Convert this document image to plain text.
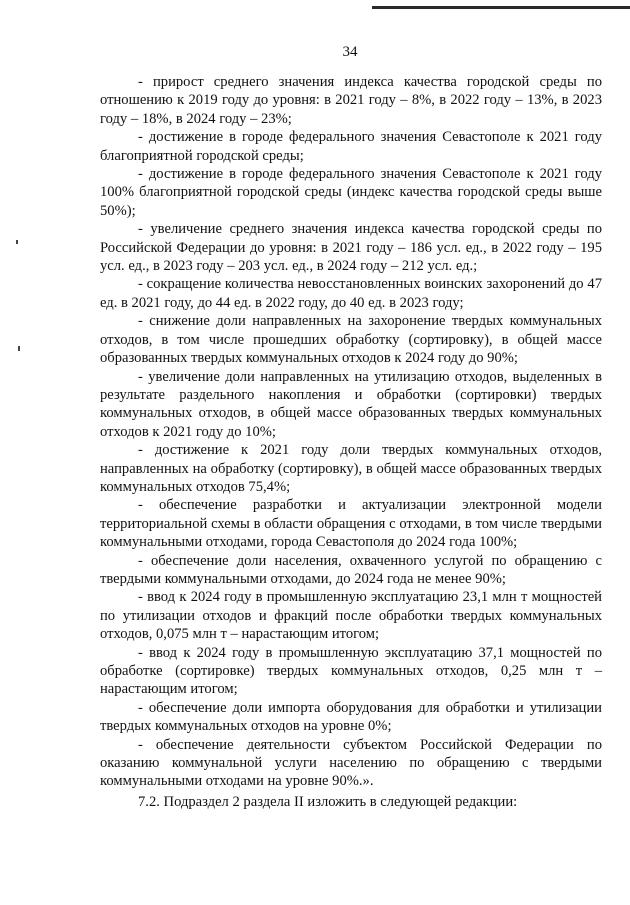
34

- прирост среднего значения индекса качества городской среды по отношению к 2019 году до уровня: в 2021 году – 8%, в 2022 году – 13%, в 2023 году – 18%, в 2024 году – 23%;

- достижение в городе федерального значения Севастополе к 2021 году благоприятной городской среды;

- достижение в городе федерального значения Севастополе к 2021 году 100% благоприятной городской среды (индекс качества городской среды выше 50%);

- увеличение среднего значения индекса качества городской среды по Российской Федерации до уровня: в 2021 году – 186 усл. ед., в 2022 году – 195 усл. ед., в 2023 году – 203 усл. ед., в 2024 году – 212 усл. ед.;

- сокращение количества невосстановленных воинских захоронений до 47 ед. в 2021 году, до 44 ед. в 2022 году, до 40 ед. в 2023 году;

- снижение доли направленных на захоронение твердых коммунальных отходов, в том числе прошедших обработку (сортировку), в общей массе образованных твердых коммунальных отходов к 2024 году до 90%;

- увеличение доли направленных на утилизацию отходов, выделенных в результате раздельного накопления и обработки (сортировки) твердых коммунальных отходов, в общей массе образованных твердых коммунальных отходов к 2021 году до 10%;

- достижение к 2021 году доли твердых коммунальных отходов, направленных на обработку (сортировку), в общей массе образованных твердых коммунальных отходов 75,4%;

- обеспечение разработки и актуализации электронной модели территориальной схемы в области обращения с отходами, в том числе твердыми коммунальными отходами, города Севастополя до 2024 года 100%;

- обеспечение доли населения, охваченного услугой по обращению с твердыми коммунальными отходами, до 2024 года не менее 90%;

- ввод к 2024 году в промышленную эксплуатацию 23,1 млн т мощностей по утилизации отходов и фракций после обработки твердых коммунальных отходов, 0,075 млн т – нарастающим итогом;

- ввод к 2024 году в промышленную эксплуатацию 37,1 мощностей по обработке (сортировке) твердых коммунальных отходов, 0,25 млн т – нарастающим итогом;

- обеспечение доли импорта оборудования для обработки и утилизации твердых коммунальных отходов на уровне 0%;

- обеспечение деятельности субъектом Российской Федерации по оказанию коммунальной услуги населению по обращению с твердыми коммунальными отходами на уровне 90%.».

7.2. Подраздел 2 раздела II изложить в следующей редакции:
